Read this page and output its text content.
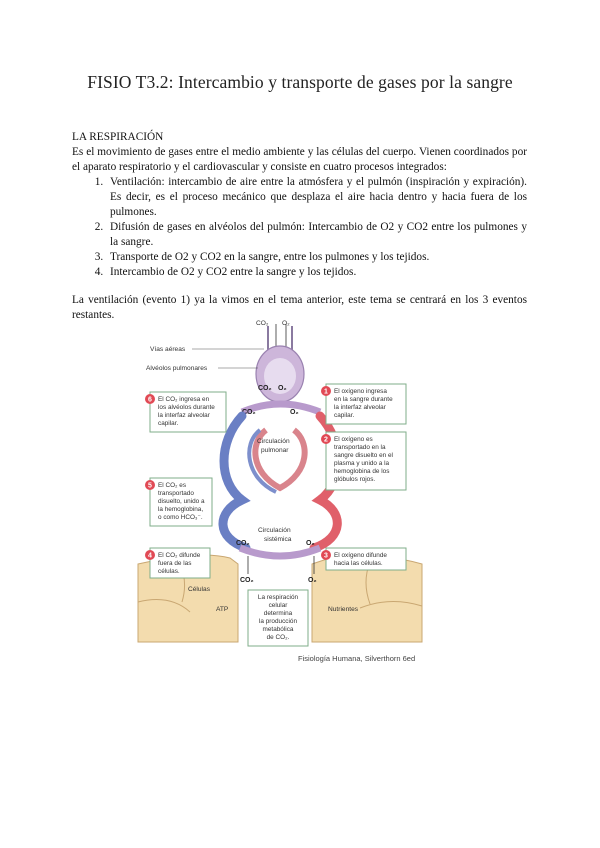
FISIO T3.2: Intercambio y transporte de gases por la sangre

LA RESPIRACIÓN

Es el movimiento de gases entre el medio ambiente y las células del cuerpo. Vienen coordinados por el aparato respiratorio y el cardiovascular y consiste en cuatro procesos integrados:

1. Ventilación: intercambio de aire entre la atmósfera y el pulmón (inspiración y expiración). Es decir, es el proceso mecánico que desplaza el aire hacia dentro y hacia fuera de los pulmones.
2. Difusión de gases en alvéolos del pulmón: Intercambio de O2 y CO2 entre los pulmones y la sangre.
3. Transporte de O2 y CO2 en la sangre, entre los pulmones y los tejidos.
4. Intercambio de O2 y CO2 entre la sangre y los tejidos.

La ventilación (evento 1) ya la vimos en el tema anterior, este tema se centrará en los 3 eventos restantes.

CO₂ O₂
CO₂ O₂
Vías aéreas
Alvéolos pulmonares
CO₂	O₂
Circulación
pulmonar
Circulación
sistémica
CO₂	O₂
CO₂	O₂
Células
ATP	Nutrientes
La respiración
celular
determina
la producción
metabólica
de CO₂.
1 El oxígeno ingresa
en la sangre durante
la interfaz alveolar
capilar.
2 El oxígeno es
transportado en la
sangre disuelto en el
plasma y unido a la
hemoglobina de los
glóbulos rojos.
3 El oxígeno difunde
hacia las células.
4 El CO₂ difunde
fuera de las
células.
5 El CO₂ es
transportado
disuelto, unido a
la hemoglobina,
o como HCO₃⁻.
6 El CO₂ ingresa en
los alvéolos durante
la interfaz alveolar
capilar.
Fisiología Humana, Silverthorn 6ed
